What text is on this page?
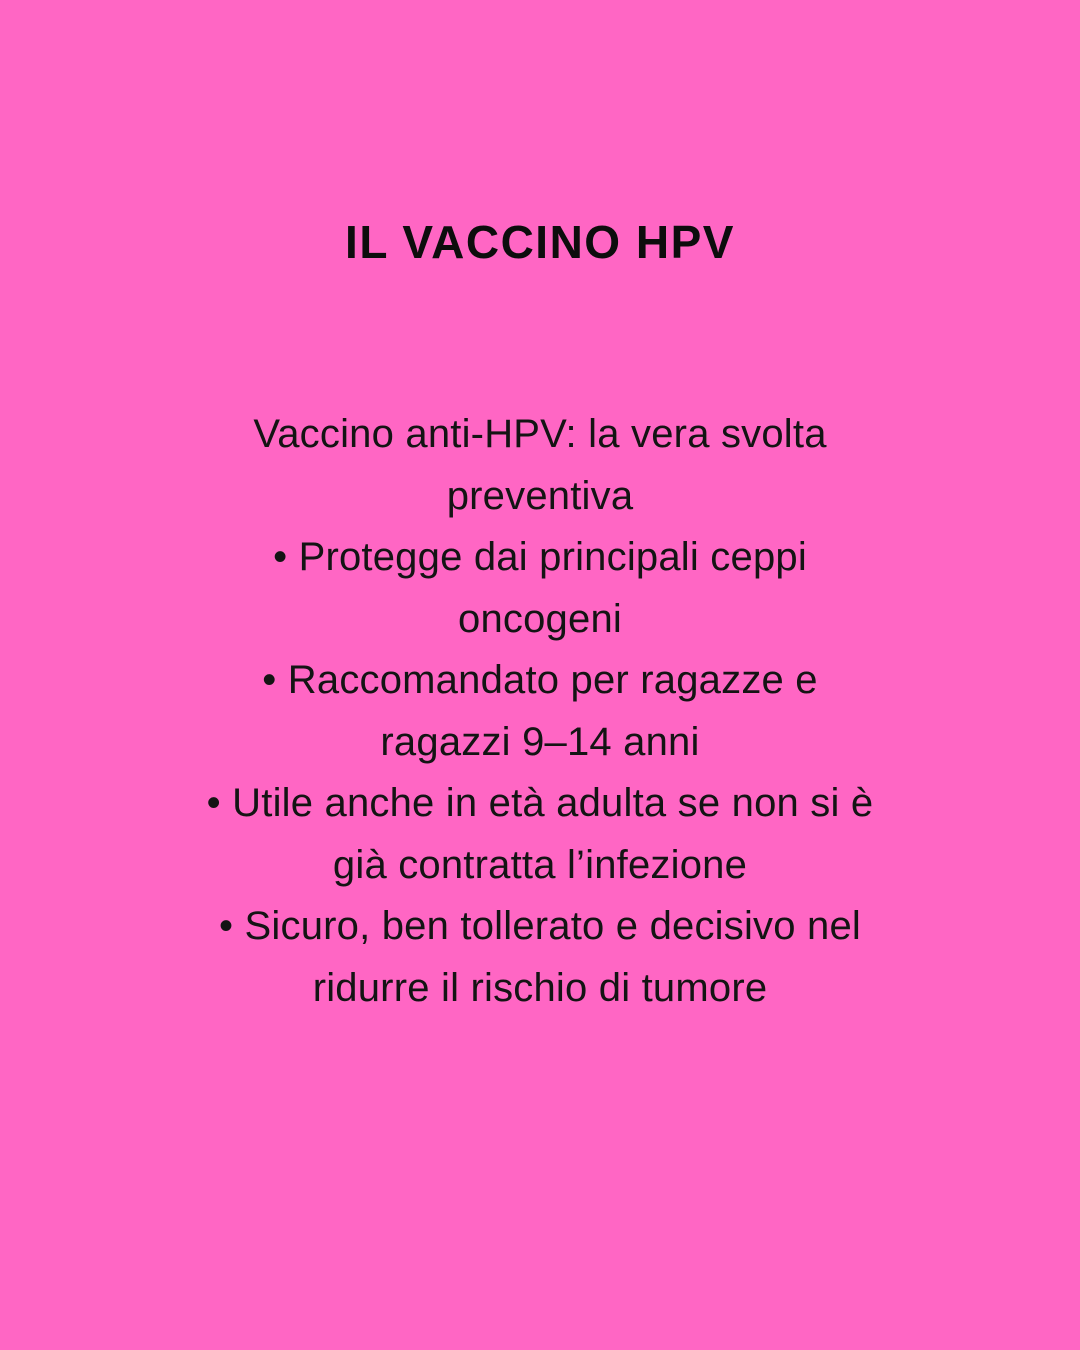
IL VACCINO HPV
Vaccino anti-HPV: la vera svolta
preventiva
• Protegge dai principali ceppi
oncogeni
• Raccomandato per ragazze e
ragazzi 9–14 anni
• Utile anche in età adulta se non si è
già contratta l’infezione
• Sicuro, ben tollerato e decisivo nel
ridurre il rischio di tumore
